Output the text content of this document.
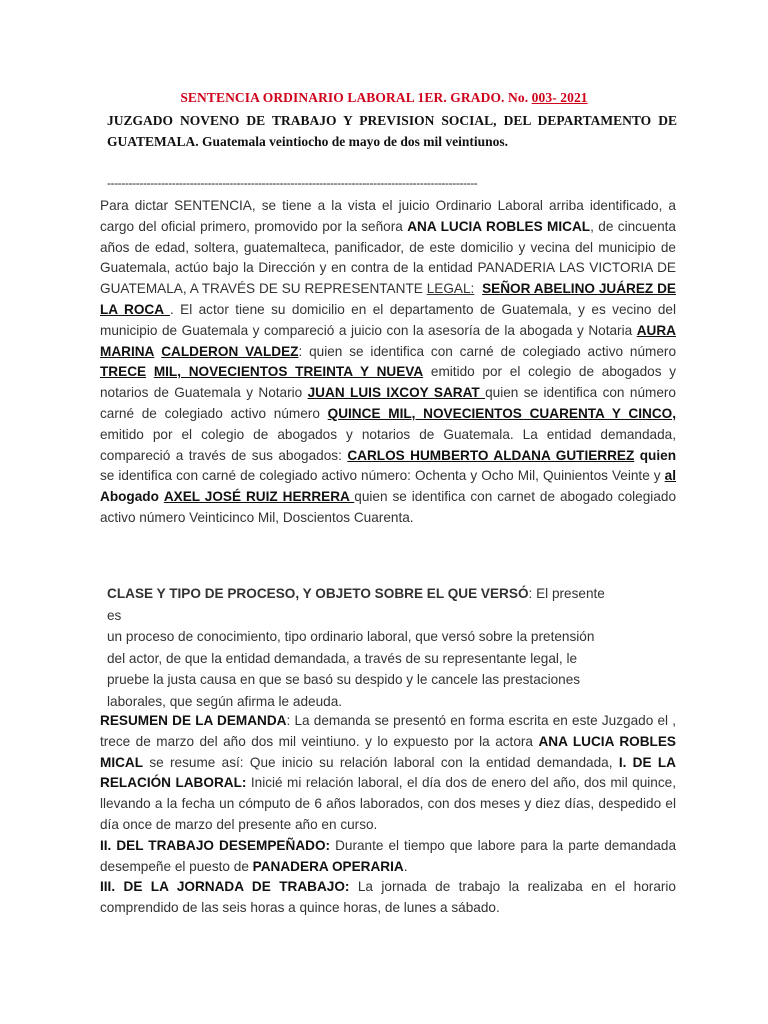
SENTENCIA ORDINARIO LABORAL 1ER. GRADO. No. 003- 2021
JUZGADO NOVENO DE TRABAJO Y PREVISION SOCIAL, DEL DEPARTAMENTO DE GUATEMALA. Guatemala veintiocho de mayo de dos mil veintiunos.
-------------------------------------------------------------------------------------------------------
Para dictar SENTENCIA, se tiene a la vista el juicio Ordinario Laboral arriba identificado, a cargo del oficial primero, promovido por la señora ANA LUCIA ROBLES MICAL, de cincuenta años de edad, soltera, guatemalteca, panificador, de este domicilio y vecina del municipio de Guatemala, actúo bajo la Dirección y en contra de la entidad PANADERIA LAS VICTORIA DE GUATEMALA, A TRAVÉS DE SU REPRESENTANTE LEGAL: SEÑOR ABELINO JUÁREZ DE LA ROCA . El actor tiene su domicilio en el departamento de Guatemala, y es vecino del municipio de Guatemala y compareció a juicio con la asesoría de la abogada y Notaria AURA MARINA CALDERON VALDEZ: quien se identifica con carné de colegiado activo número TRECE MIL, NOVECIENTOS TREINTA Y NUEVA emitido por el colegio de abogados y notarios de Guatemala y Notario JUAN LUIS IXCOY SARAT quien se identifica con número carné de colegiado activo número QUINCE MIL, NOVECIENTOS CUARENTA Y CINCO, emitido por el colegio de abogados y notarios de Guatemala. La entidad demandada, compareció a través de sus abogados: CARLOS HUMBERTO ALDANA GUTIERREZ quien se identifica con carné de colegiado activo número: Ochenta y Ocho Mil, Quinientos Veinte y al Abogado AXEL JOSÉ RUIZ HERRERA quien se identifica con carnet de abogado colegiado activo número Veinticinco Mil, Doscientos Cuarenta.
CLASE Y TIPO DE PROCESO, Y OBJETO SOBRE EL QUE VERSÓ: El presente
es
un proceso de conocimiento, tipo ordinario laboral, que versó sobre la pretensión
del actor, de que la entidad demandada, a través de su representante legal, le
pruebe la justa causa en que se basó su despido y le cancele las prestaciones
laborales, que según afirma le adeuda.
RESUMEN DE LA DEMANDA: La demanda se presentó en forma escrita en este Juzgado el , trece de marzo del año dos mil veintiuno. y lo expuesto por la actora ANA LUCIA ROBLES MICAL se resume así: Que inicio su relación laboral con la entidad demandada, I. DE LA RELACIÓN LABORAL: Inicié mi relación laboral, el día dos de enero del año, dos mil quince, llevando a la fecha un cómputo de 6 años laborados, con dos meses y diez días, despedido el día once de marzo del presente año en curso.
II. DEL TRABAJO DESEMPEÑADO: Durante el tiempo que labore para la parte demandada desempeñe el puesto de PANADERA OPERARIA.
III. DE LA JORNADA DE TRABAJO: La jornada de trabajo la realizaba en el horario comprendido de las seis horas a quince horas, de lunes a sábado.
